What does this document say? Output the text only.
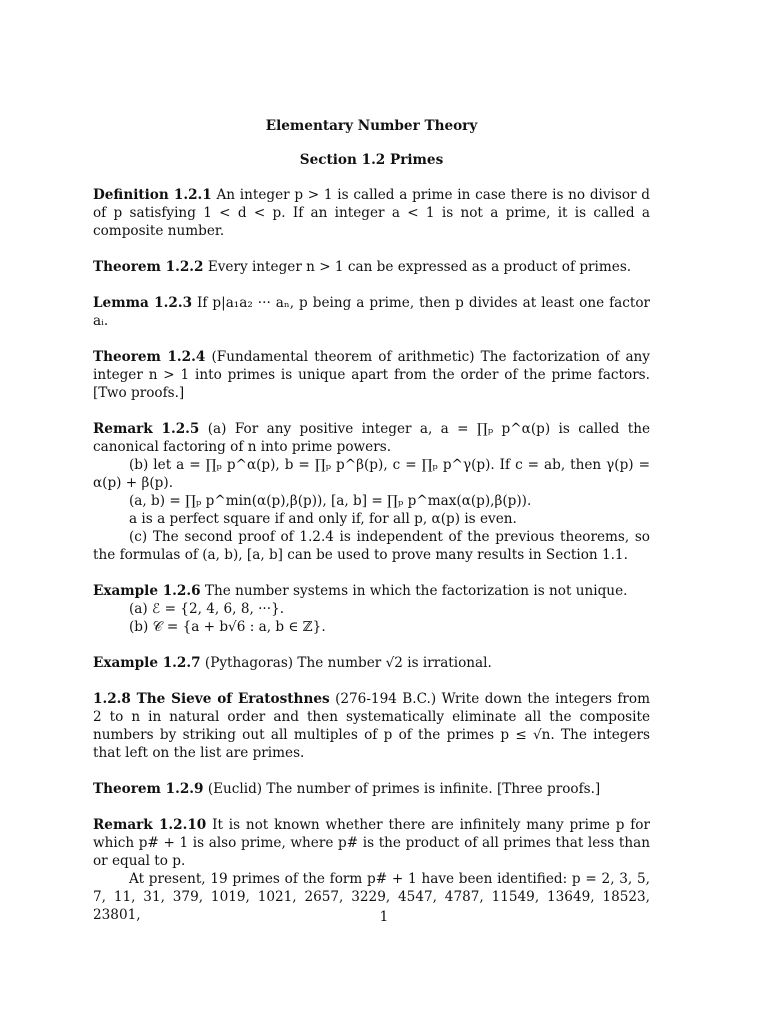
Elementary Number Theory

Section 1.2 Primes

Definition 1.2.1 An integer p > 1 is called a prime in case there is no divisor d of p satisfying 1 < d < p. If an integer a < 1 is not a prime, it is called a composite number.
Theorem 1.2.2 Every integer n > 1 can be expressed as a product of primes.
Lemma 1.2.3 If p|a₁a₂ ··· aₙ, p being a prime, then p divides at least one factor aᵢ.
Theorem 1.2.4 (Fundamental theorem of arithmetic) The factorization of any integer n > 1 into primes is unique apart from the order of the prime factors. [Two proofs.]

Remark 1.2.5 (a) For any positive integer a, a = ∏ₚ p^α(p) is called the canonical factoring of n into prime powers.

(b) let a = ∏ₚ p^α(p), b = ∏ₚ p^β(p), c = ∏ₚ p^γ(p). If c = ab, then γ(p) = α(p) + β(p).

(a, b) = ∏ₚ p^min(α(p),β(p)), [a, b] = ∏ₚ p^max(α(p),β(p)).

a is a perfect square if and only if, for all p, α(p) is even.

(c) The second proof of 1.2.4 is independent of the previous theorems, so the formulas of (a, b), [a, b] can be used to prove many results in Section 1.1.

Example 1.2.6 The number systems in which the factorization is not unique.

(a) ℰ = {2, 4, 6, 8, ···}.

(b) 𝒞 = {a + b√6 : a, b ∈ ℤ}.

Example 1.2.7 (Pythagoras) The number √2 is irrational.
1.2.8 The Sieve of Eratosthnes (276-194 B.C.) Write down the integers from 2 to n in natural order and then systematically eliminate all the composite numbers by striking out all multiples of p of the primes p ≤ √n. The integers that left on the list are primes.
Theorem 1.2.9 (Euclid) The number of primes is infinite. [Three proofs.]

Remark 1.2.10 It is not known whether there are infinitely many prime p for which p# + 1 is also prime, where p# is the product of all primes that less than or equal to p.

At present, 19 primes of the form p# + 1 have been identified: p = 2, 3, 5, 7, 11, 31, 379, 1019, 1021, 2657, 3229, 4547, 4787, 11549, 13649, 18523, 23801,	1
